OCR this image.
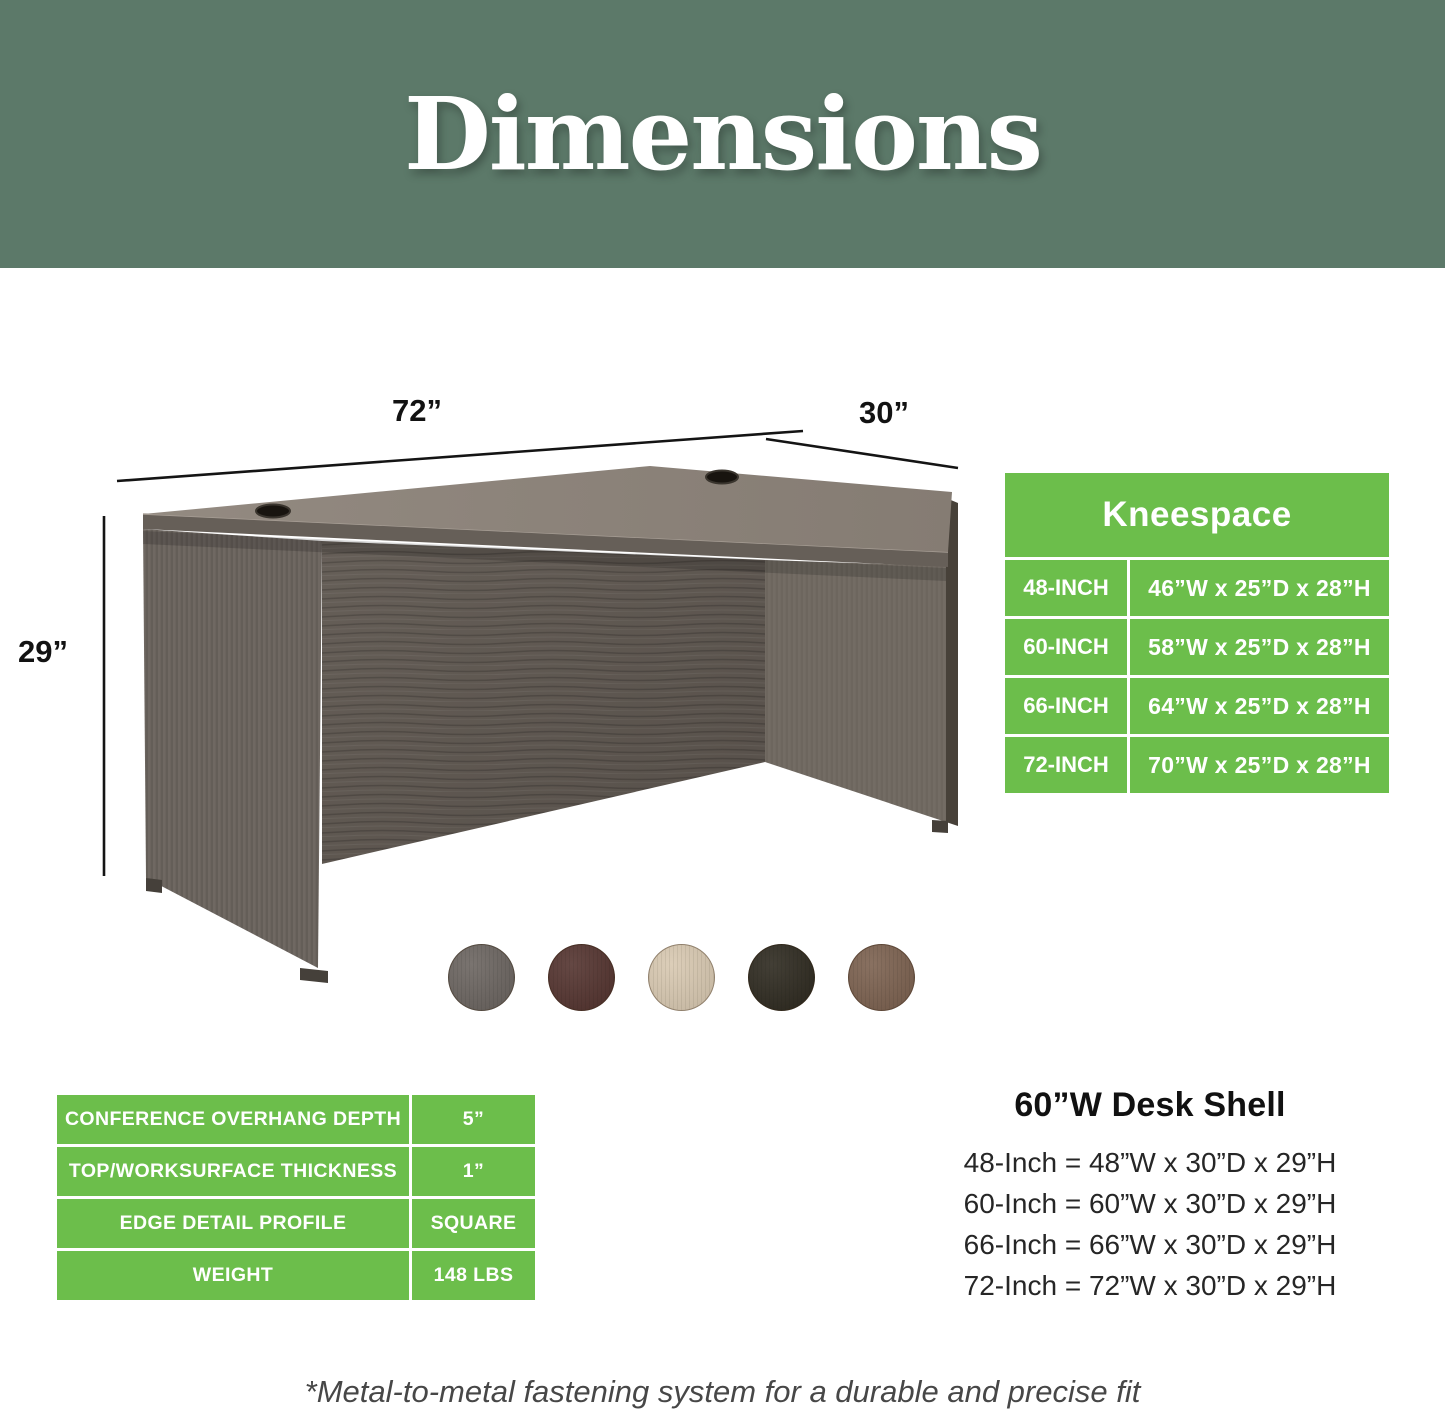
Dimensions
72”	30”
29”
Kneespace
48-INCH	46”W x 25”D x 28”H
60-INCH	58”W x 25”D x 28”H
66-INCH	64”W x 25”D x 28”H
72-INCH	70”W x 25”D x 28”H
CONFERENCE OVERHANG DEPTH	5”
TOP/WORKSURFACE THICKNESS	1”
EDGE DETAIL PROFILE	SQUARE
WEIGHT	148 LBS
60”W Desk Shell
48-Inch = 48”W x 30”D x 29”H
60-Inch = 60”W x 30”D x 29”H
66-Inch = 66”W x 30”D x 29”H
72-Inch = 72”W x 30”D x 29”H
*Metal-to-metal fastening system for a durable and precise fit
